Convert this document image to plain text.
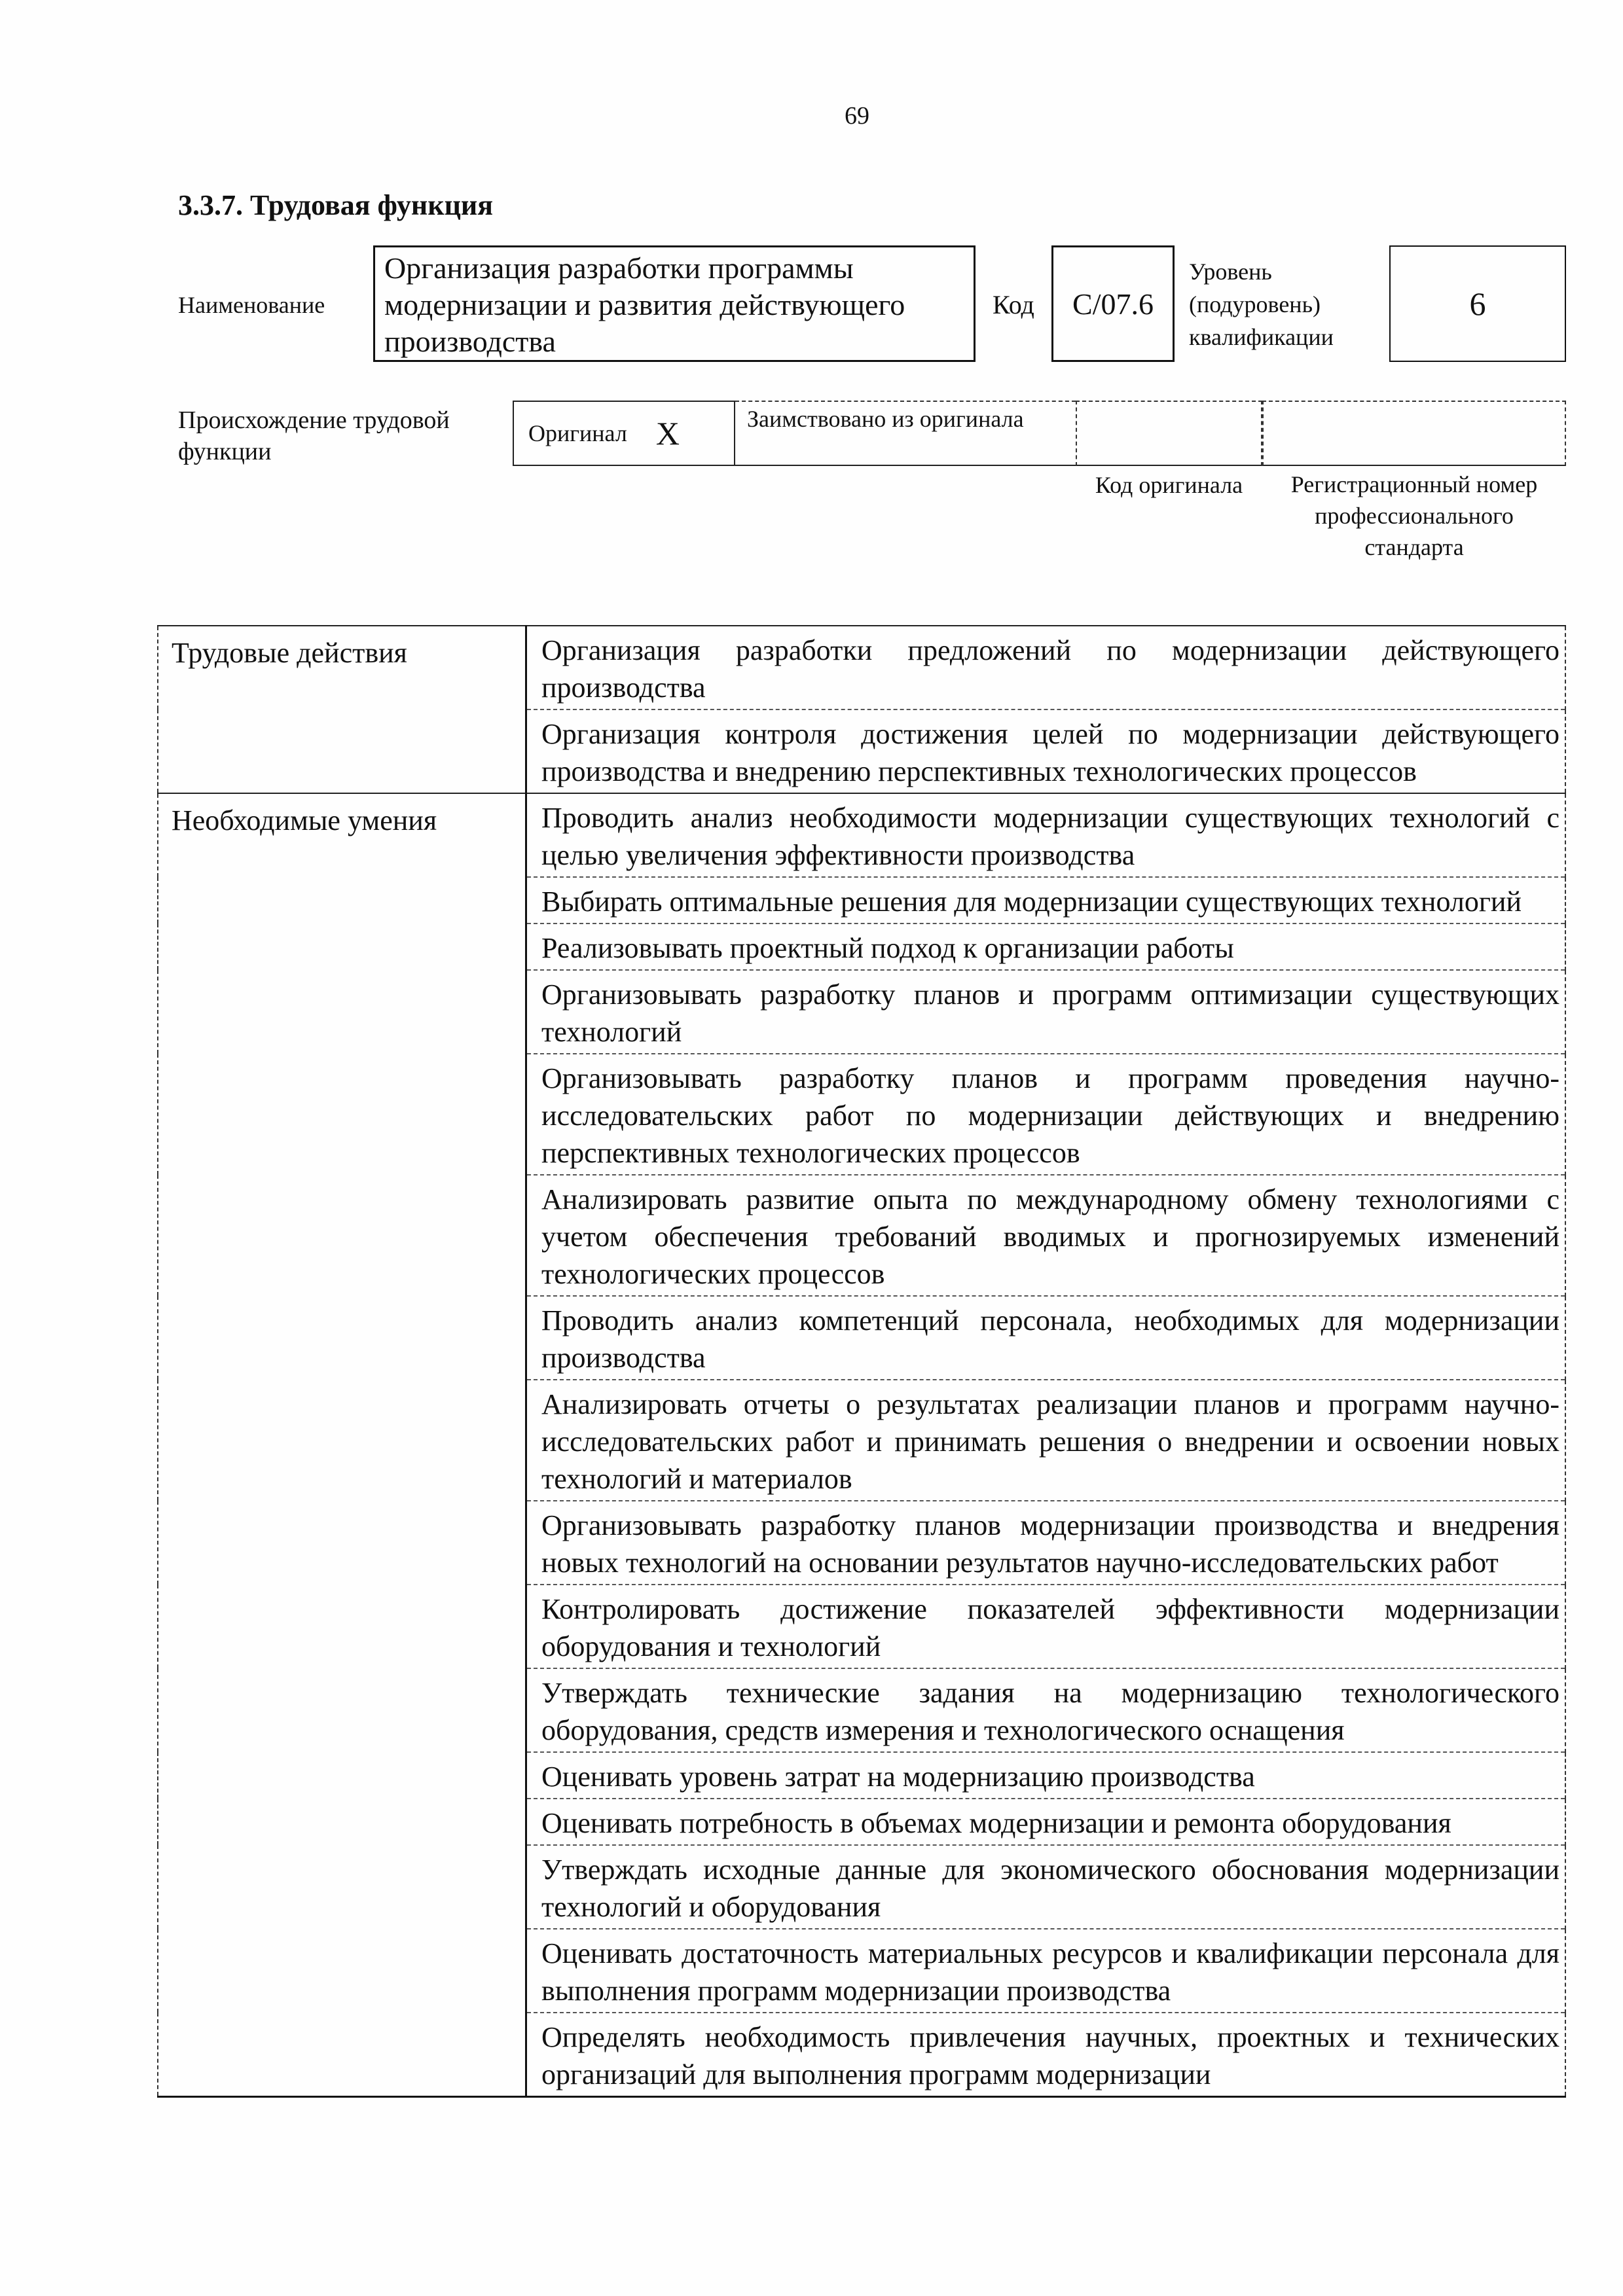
69
3.3.7. Трудовая функция
Наименование
Организация разработки программы модернизации и развития действующего производства
Код С/07.6
Уровень
(подуровень)
квалификации
6
Происхождение трудовой функции
Оригинал X	Заимствовано из оригинала
Код оригинала	Регистрационный номер профессионального стандарта
Трудовые действия	Организация разработки предложений по модернизации действующего производства

	Организация контроля достижения целей по модернизации действующего производства и внедрению перспективных технологических процессов

Необходимые умения	Проводить анализ необходимости модернизации существующих технологий с целью увеличения эффективности производства

	Выбирать оптимальные решения для модернизации существующих технологий

	Реализовывать проектный подход к организации работы

	Организовывать разработку планов и программ оптимизации существующих технологий

	Организовывать разработку планов и программ проведения научно-исследовательских работ по модернизации действующих и внедрению перспективных технологических процессов

	Анализировать развитие опыта по международному обмену технологиями с учетом обеспечения требований вводимых и прогнозируемых изменений технологических процессов

	Проводить анализ компетенций персонала, необходимых для модернизации производства

	Анализировать отчеты о результатах реализации планов и программ научно-исследовательских работ и принимать решения о внедрении и освоении новых технологий и материалов

	Организовывать разработку планов модернизации производства и внедрения новых технологий на основании результатов научно-исследовательских работ

	Контролировать достижение показателей эффективности модернизации оборудования и технологий

	Утверждать технические задания на модернизацию технологического оборудования, средств измерения и технологического оснащения

	Оценивать уровень затрат на модернизацию производства

	Оценивать потребность в объемах модернизации и ремонта оборудования

	Утверждать исходные данные для экономического обоснования модернизации технологий и оборудования

	Оценивать достаточность материальных ресурсов и квалификации персонала для выполнения программ модернизации производства

	Определять необходимость привлечения научных, проектных и технических организаций для выполнения программ модернизации
